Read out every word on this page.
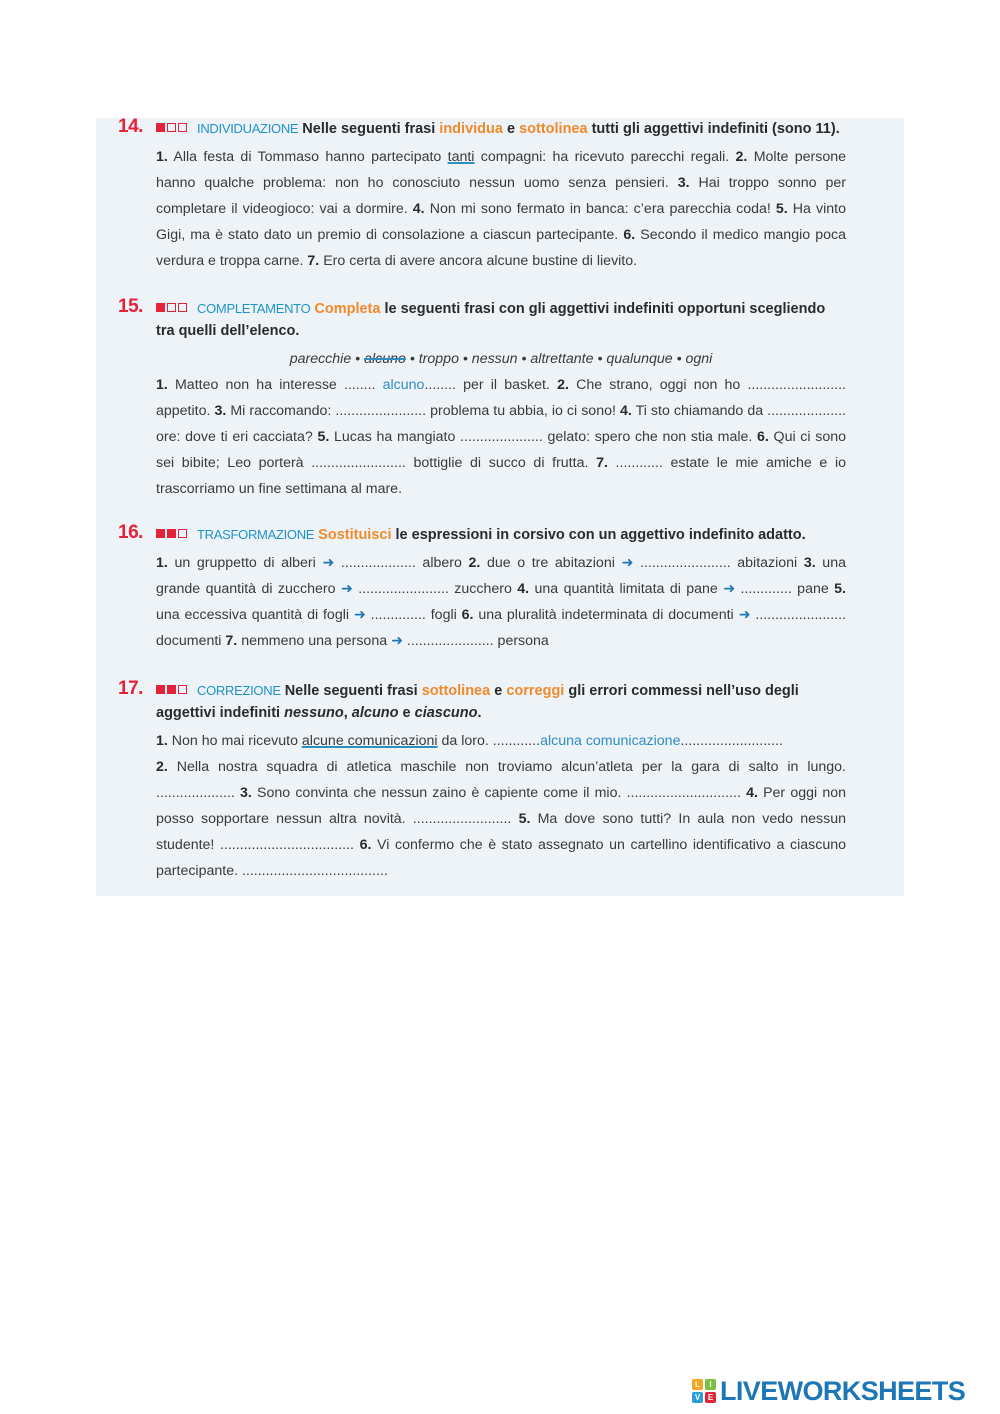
14.	INDIVIDUAZIONE Nelle seguenti frasi individua e sottolinea tutti gli aggettivi indefiniti (sono 11).
1. Alla festa di Tommaso hanno partecipato tanti compagni: ha ricevuto parecchi regali. 2. Molte persone hanno qualche problema: non ho conosciuto nessun uomo senza pensieri. 3. Hai troppo sonno per completare il videogioco: vai a dormire. 4. Non mi sono fermato in banca: c’era parecchia coda! 5. Ha vinto Gigi, ma è stato dato un premio di consolazione a ciascun partecipante. 6. Secondo il medico mangio poca verdura e troppa carne. 7. Ero certa di avere ancora alcune bustine di lievito.
15.	COMPLETAMENTO Completa le seguenti frasi con gli aggettivi indefiniti opportuni scegliendo tra quelli dell’elenco.
parecchie • alcuno • troppo • nessun • altrettante • qualunque • ogni
1. Matteo non ha interesse ........ alcuno........ per il basket. 2. Che strano, oggi non ho ......................... appetito. 3. Mi raccomando: ....................... problema tu abbia, io ci sono! 4. Ti sto chiamando da .................... ore: dove ti eri cacciata? 5. Lucas ha mangiato ..................... gelato: spero che non stia male. 6. Qui ci sono sei bibite; Leo porterà ........................ bottiglie di succo di frutta. 7. ............ estate le mie amiche e io trascorriamo un fine settimana al mare.
16.	TRASFORMAZIONE Sostituisci le espressioni in corsivo con un aggettivo indefinito adatto.
1. un gruppetto di alberi ➜ ................... albero 2. due o tre abitazioni ➜ ....................... abitazioni 3. una grande quantità di zucchero ➜ ....................... zucchero 4. una quantità limitata di pane ➜ ............. pane 5. una eccessiva quantità di fogli ➜ .............. fogli 6. una pluralità indeterminata di documenti ➜ ....................... documenti 7. nemmeno una persona ➜ ...................... persona
17.	CORREZIONE Nelle seguenti frasi sottolinea e correggi gli errori commessi nell’uso degli aggettivi indefiniti nessuno, alcuno e ciascuno.
1. Non ho mai ricevuto alcune comunicazioni da loro. ............alcuna comunicazione..........................
2. Nella nostra squadra di atletica maschile non troviamo alcun’atleta per la gara di salto in lungo. .................... 3. Sono convinta che nessun zaino è capiente come il mio. ............................. 4. Per oggi non posso sopportare nessun altra novità. ......................... 5. Ma dove sono tutti? In aula non vedo nessun studente! .................................. 6. Vi confermo che è stato assegnato un cartellino identificativo a ciascuno partecipante. .....................................
L	I
V E LIVEWORKSHEETS
